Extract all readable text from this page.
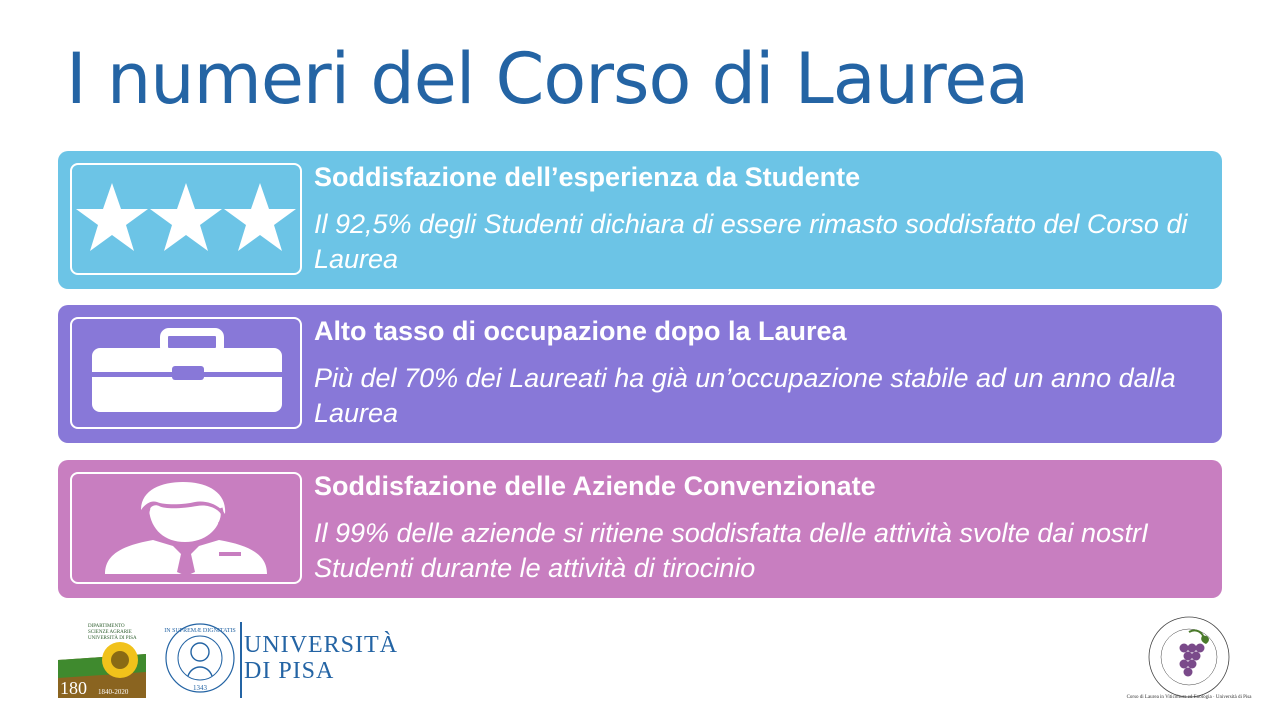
I numeri del Corso di Laurea
Soddisfazione dell’esperienza da Studente

Il 92,5% degli Studenti dichiara di essere rimasto soddisfatto del Corso di Laurea

Alto tasso di occupazione dopo la Laurea

Più del 70% dei Laureati ha già un’occupazione stabile ad un anno dalla Laurea

Soddisfazione delle Aziende Convenzionate

Il 99% delle aziende si ritiene soddisfatta delle attività svolte dai nostrI Studenti durante le attività di tirocinio

DIPARTIMENTO
SCIENZE AGRARIE
UNIVERSITÀ DI PISA
180 1840-2020
IN SUPREMÆ DIGNITATIS
1343
UNIVERSITÀ
DI PISA
Corso di Laurea in Viticoltura ed Enologia · Università di Pisa
